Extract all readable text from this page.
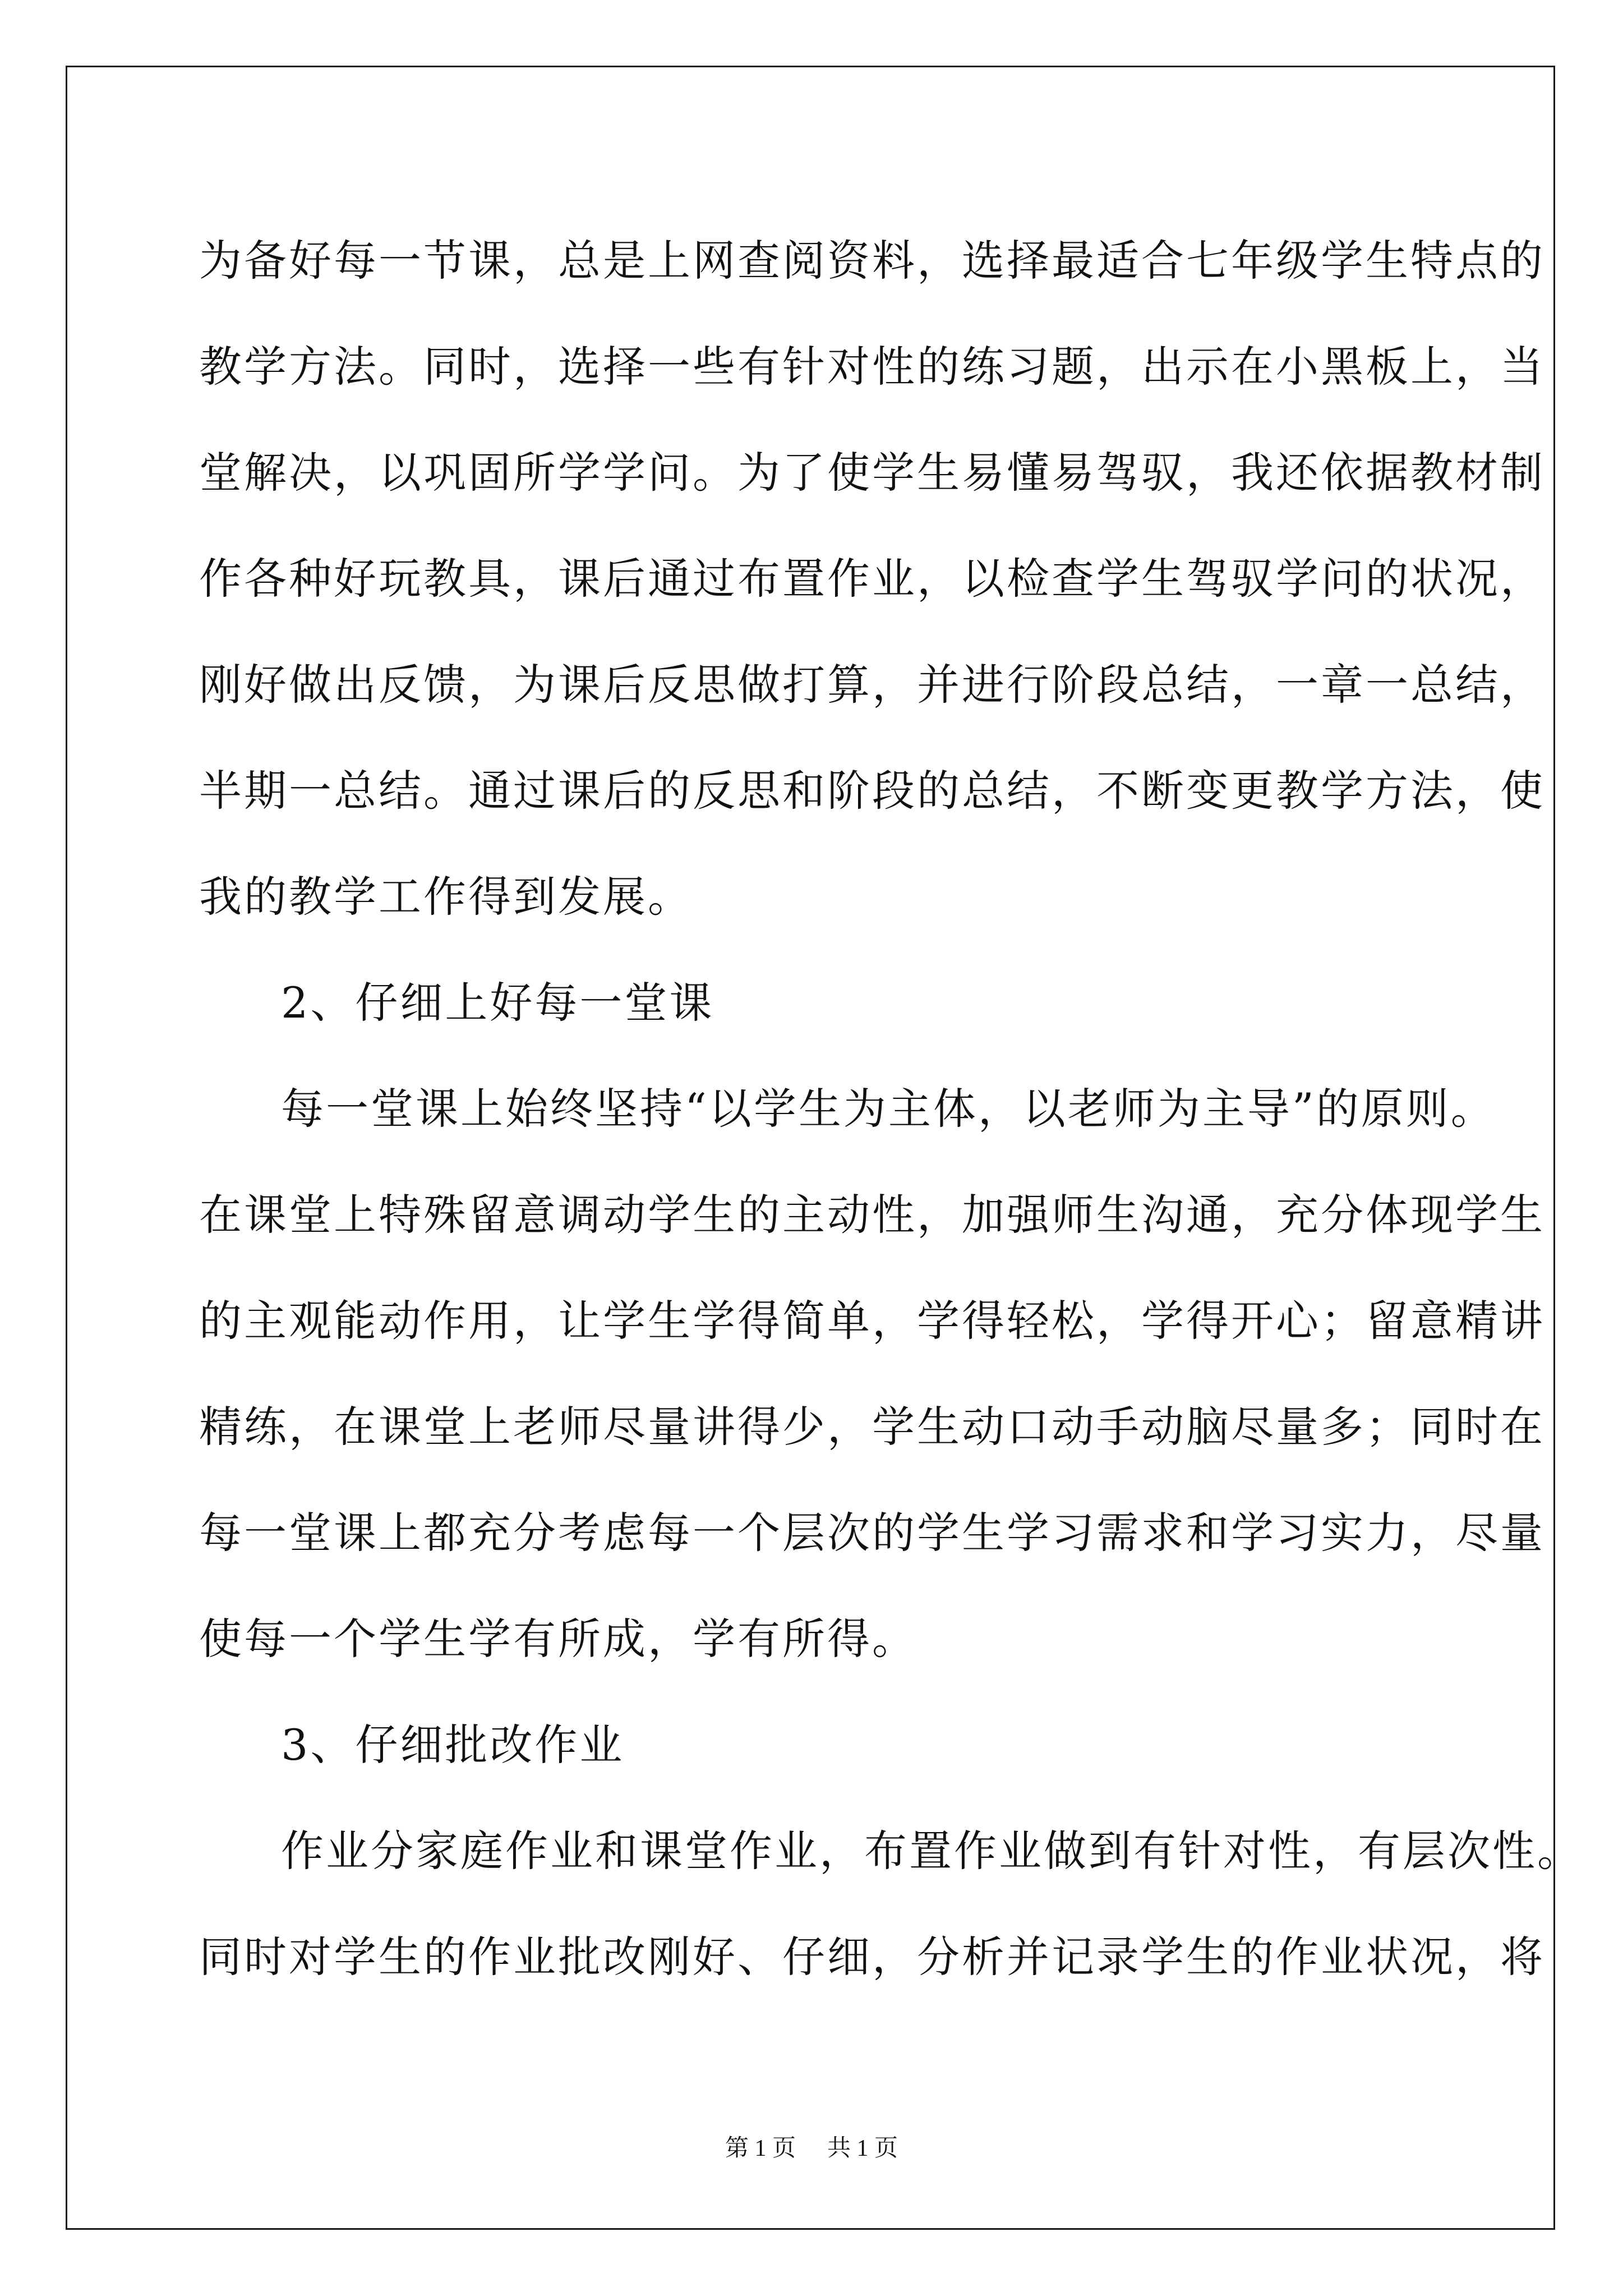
为备好每一节课，总是上网查阅资料，选择最适合七年级学生特点的
教学方法。同时，选择一些有针对性的练习题，出示在小黑板上，当
堂解决，以巩固所学学问。为了使学生易懂易驾驭，我还依据教材制
作各种好玩教具，课后通过布置作业，以检查学生驾驭学问的状况，
刚好做出反馈，为课后反思做打算，并进行阶段总结，一章一总结，
半期一总结。通过课后的反思和阶段的总结，不断变更教学方法，使
我的教学工作得到发展。
2、仔细上好每一堂课
每一堂课上始终坚持“以学生为主体，以老师为主导”的原则。
在课堂上特殊留意调动学生的主动性，加强师生沟通，充分体现学生
的主观能动作用，让学生学得简单，学得轻松，学得开心；留意精讲
精练，在课堂上老师尽量讲得少，学生动口动手动脑尽量多；同时在
每一堂课上都充分考虑每一个层次的学生学习需求和学习实力，尽量
使每一个学生学有所成，学有所得。
3、仔细批改作业
作业分家庭作业和课堂作业，布置作业做到有针对性，有层次性。
同时对学生的作业批改刚好、仔细，分析并记录学生的作业状况，将
第 1 页 共 1 页
